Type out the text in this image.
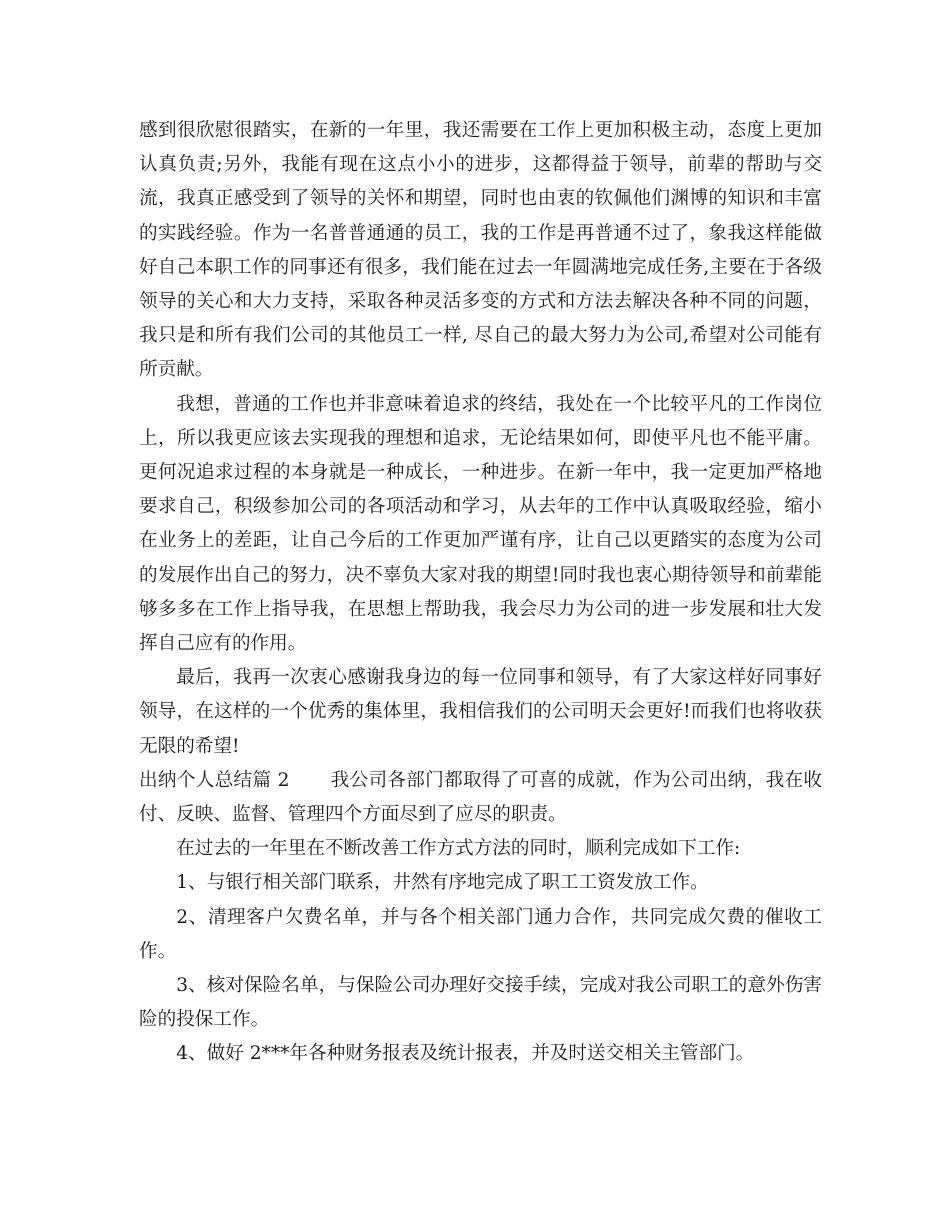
感到很欣慰很踏实，在新的一年里，我还需要在工作上更加积极主动，态度上更加认真负责;另外，我能有现在这点小小的进步，这都得益于领导，前辈的帮助与交流，我真正感受到了领导的关怀和期望，同时也由衷的钦佩他们渊博的知识和丰富的实践经验。作为一名普普通通的员工，我的工作是再普通不过了，象我这样能做好自己本职工作的同事还有很多，我们能在过去一年圆满地完成任务,主要在于各级领导的关心和大力支持，采取各种灵活多变的方式和方法去解决各种不同的问题，我只是和所有我们公司的其他员工一样, 尽自己的最大努力为公司,希望对公司能有所贡献。

我想，普通的工作也并非意味着追求的终结，我处在一个比较平凡的工作岗位上，所以我更应该去实现我的理想和追求，无论结果如何，即使平凡也不能平庸。更何况追求过程的本身就是一种成长，一种进步。在新一年中，我一定更加严格地要求自己，积级参加公司的各项活动和学习，从去年的工作中认真吸取经验，缩小在业务上的差距，让自己今后的工作更加严谨有序，让自己以更踏实的态度为公司的发展作出自己的努力，决不辜负大家对我的期望!同时我也衷心期待领导和前辈能够多多在工作上指导我，在思想上帮助我，我会尽力为公司的进一步发展和壮大发挥自己应有的作用。

最后，我再一次衷心感谢我身边的每一位同事和领导，有了大家这样好同事好领导，在这样的一个优秀的集体里，我相信我们的公司明天会更好!而我们也将收获无限的希望!

出纳个人总结篇 2 我公司各部门都取得了可喜的成就，作为公司出纳，我在收付、反映、监督、管理四个方面尽到了应尽的职责。

在过去的一年里在不断改善工作方式方法的同时，顺利完成如下工作:

1、与银行相关部门联系，井然有序地完成了职工工资发放工作。

2、清理客户欠费名单，并与各个相关部门通力合作，共同完成欠费的催收工作。

3、核对保险名单，与保险公司办理好交接手续，完成对我公司职工的意外伤害险的投保工作。

4、做好 2***年各种财务报表及统计报表，并及时送交相关主管部门。
